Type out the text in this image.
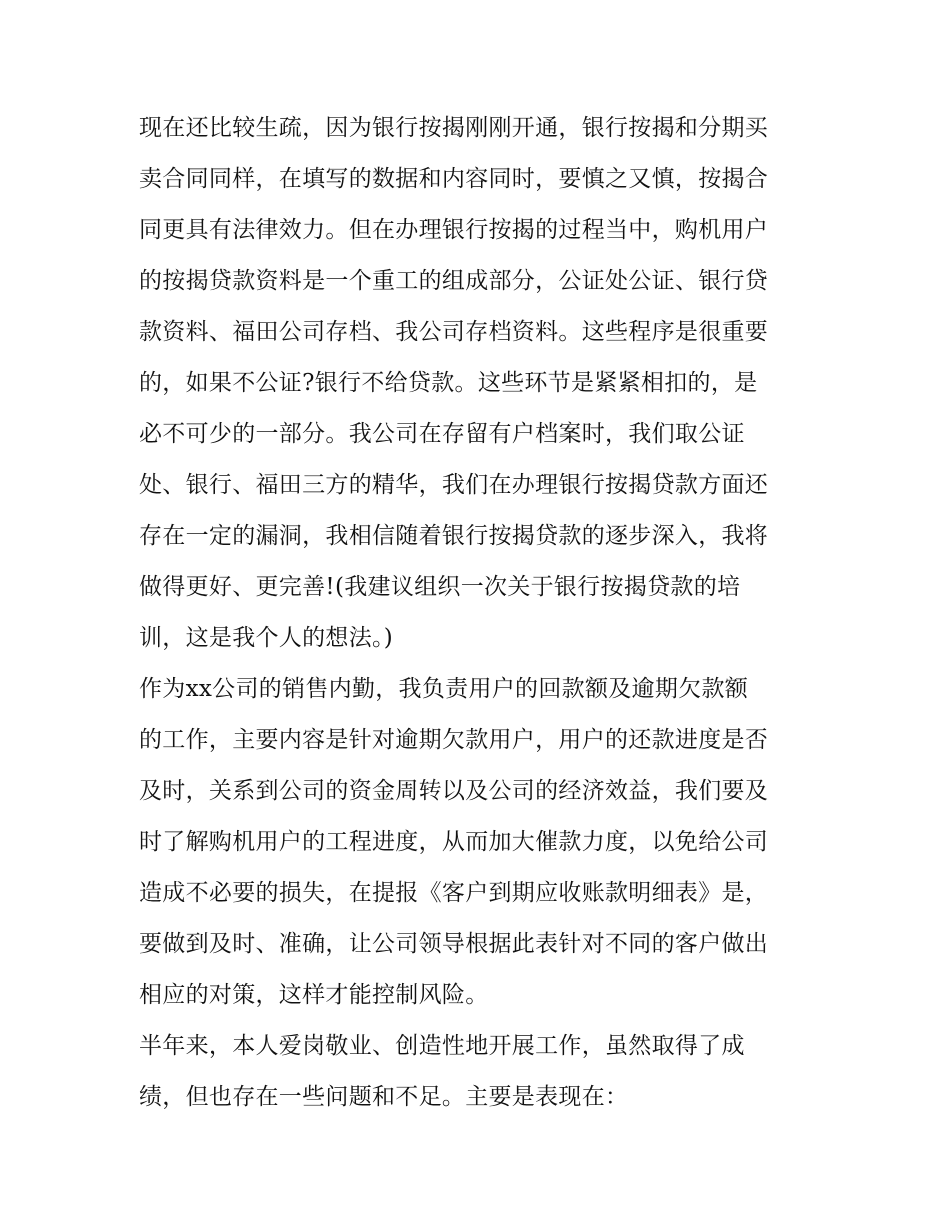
现在还比较生疏，因为银行按揭刚刚开通，银行按揭和分期买
卖合同同样，在填写的数据和内容同时，要慎之又慎，按揭合
同更具有法律效力。但在办理银行按揭的过程当中，购机用户
的按揭贷款资料是一个重工的组成部分，公证处公证、银行贷
款资料、福田公司存档、我公司存档资料。这些程序是很重要
的，如果不公证?银行不给贷款。这些环节是紧紧相扣的，是
必不可少的一部分。我公司在存留有户档案时，我们取公证
处、银行、福田三方的精华，我们在办理银行按揭贷款方面还
存在一定的漏洞，我相信随着银行按揭贷款的逐步深入，我将
做得更好、更完善!(我建议组织一次关于银行按揭贷款的培
训，这是我个人的想法。)
作为xx公司的销售内勤，我负责用户的回款额及逾期欠款额
的工作，主要内容是针对逾期欠款用户，用户的还款进度是否
及时，关系到公司的资金周转以及公司的经济效益，我们要及
时了解购机用户的工程进度，从而加大催款力度，以免给公司
造成不必要的损失，在提报《客户到期应收账款明细表》是，
要做到及时、准确，让公司领导根据此表针对不同的客户做出
相应的对策，这样才能控制风险。
半年来，本人爱岗敬业、创造性地开展工作，虽然取得了成
绩，但也存在一些问题和不足。主要是表现在：
